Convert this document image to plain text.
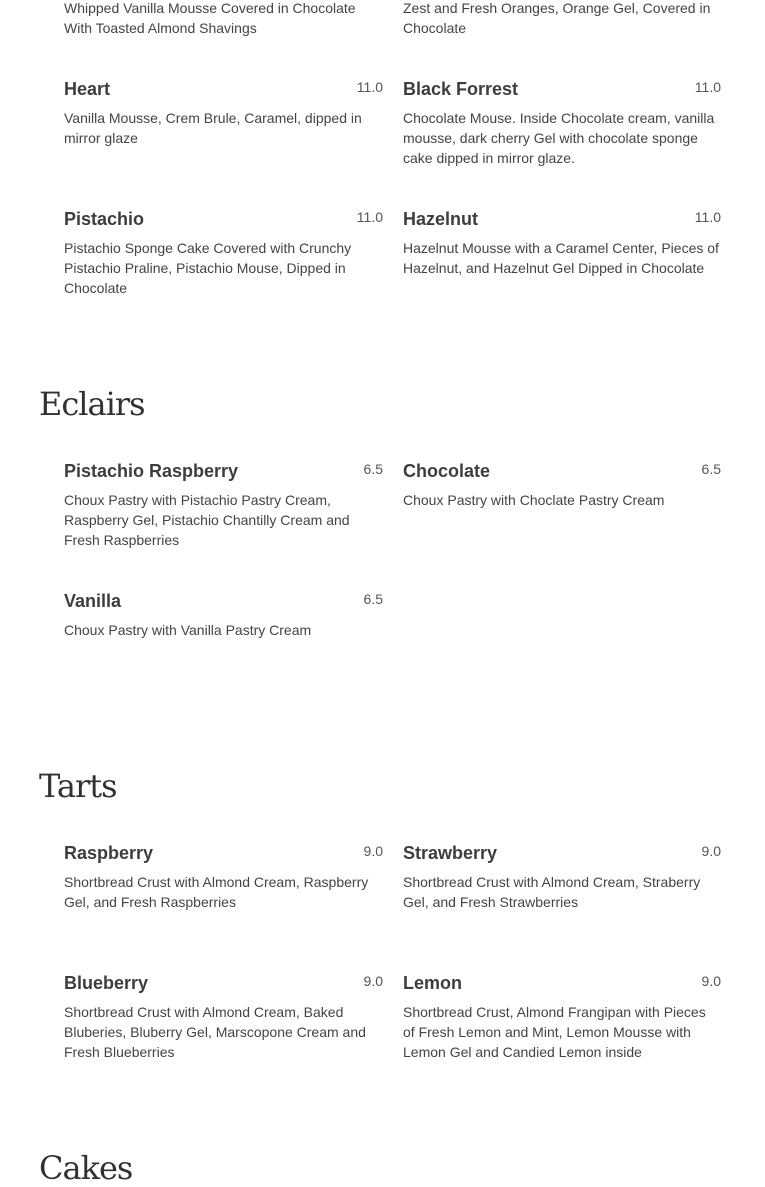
Whipped Vanilla Mousse Covered in Chocolate With Toasted Almond Shavings

Zest and Fresh Oranges, Orange Gel, Covered in Chocolate

Heart	11.0

Vanilla Mousse, Crem Brule, Caramel, dipped in mirror glaze

Black Forrest	11.0

Chocolate Mouse. Inside Chocolate cream, vanilla mousse, dark cherry Gel with chocolate sponge cake dipped in mirror glaze.

Pistachio	11.0

Pistachio Sponge Cake Covered with Crunchy Pistachio Praline, Pistachio Mouse, Dipped in Chocolate

Hazelnut	11.0

Hazelnut Mousse with a Caramel Center, Pieces of Hazelnut, and Hazelnut Gel Dipped in Chocolate

Eclairs
Pistachio Raspberry	6.5

Choux Pastry with Pistachio Pastry Cream, Raspberry Gel, Pistachio Chantilly Cream and Fresh Raspberries

Chocolate	6.5

Choux Pastry with Choclate Pastry Cream

Vanilla	6.5

Choux Pastry with Vanilla Pastry Cream

Tarts
Raspberry	9.0

Shortbread Crust with Almond Cream, Raspberry Gel, and Fresh Raspberries

Strawberry	9.0

Shortbread Crust with Almond Cream, Straberry Gel, and Fresh Strawberries

Blueberry	9.0

Shortbread Crust with Almond Cream, Baked Bluberies, Bluberry Gel, Marscopone Cream and Fresh Blueberries

Lemon	9.0

Shortbread Crust, Almond Frangipan with Pieces of Fresh Lemon and Mint, Lemon Mousse with Lemon Gel and Candied Lemon inside

Cakes
